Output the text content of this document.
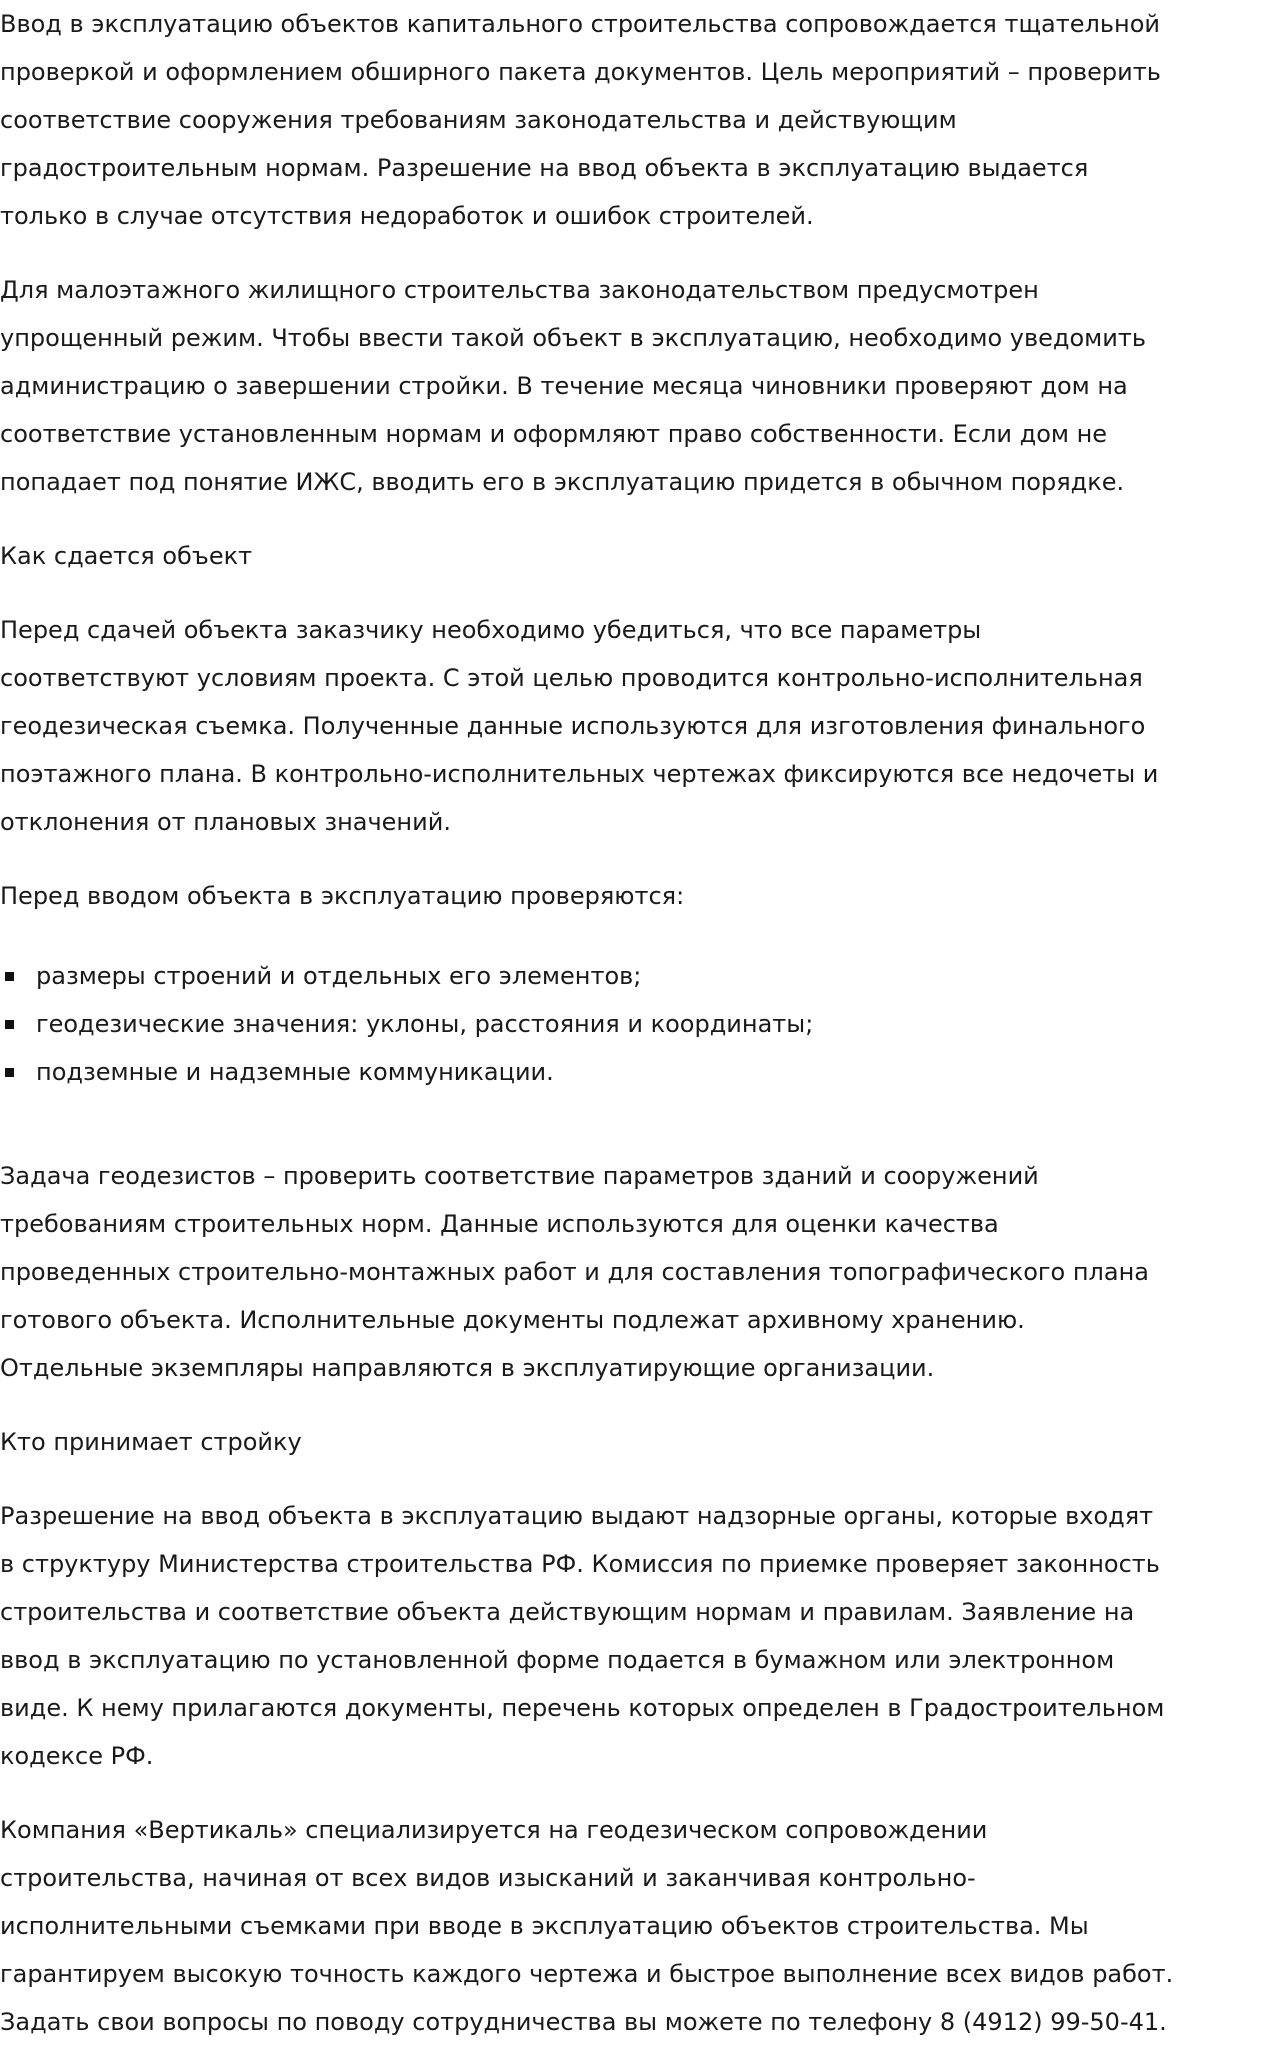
Ввод в эксплуатацию объектов капитального строительства сопровождается тщательной
проверкой и оформлением обширного пакета документов. Цель мероприятий – проверить
соответствие сооружения требованиям законодательства и действующим
градостроительным нормам. Разрешение на ввод объекта в эксплуатацию выдается
только в случае отсутствия недоработок и ошибок строителей.

Для малоэтажного жилищного строительства законодательством предусмотрен
упрощенный режим. Чтобы ввести такой объект в эксплуатацию, необходимо уведомить
администрацию о завершении стройки. В течение месяца чиновники проверяют дом на
соответствие установленным нормам и оформляют право собственности. Если дом не
попадает под понятие ИЖС, вводить его в эксплуатацию придется в обычном порядке.

Как сдается объект

Перед сдачей объекта заказчику необходимо убедиться, что все параметры
соответствуют условиям проекта. С этой целью проводится контрольно-исполнительная
геодезическая съемка. Полученные данные используются для изготовления финального
поэтажного плана. В контрольно-исполнительных чертежах фиксируются все недочеты и
отклонения от плановых значений.

Перед вводом объекта в эксплуатацию проверяются:

размеры строений и отдельных его элементов;
геодезические значения: уклоны, расстояния и координаты;
подземные и надземные коммуникации.

Задача геодезистов – проверить соответствие параметров зданий и сооружений
требованиям строительных норм. Данные используются для оценки качества
проведенных строительно-монтажных работ и для составления топографического плана
готового объекта. Исполнительные документы подлежат архивному хранению.
Отдельные экземпляры направляются в эксплуатирующие организации.

Кто принимает стройку

Разрешение на ввод объекта в эксплуатацию выдают надзорные органы, которые входят
в структуру Министерства строительства РФ. Комиссия по приемке проверяет законность
строительства и соответствие объекта действующим нормам и правилам. Заявление на
ввод в эксплуатацию по установленной форме подается в бумажном или электронном
виде. К нему прилагаются документы, перечень которых определен в Градостроительном
кодексе РФ.

Компания «Вертикаль» специализируется на геодезическом сопровождении
строительства, начиная от всех видов изысканий и заканчивая контрольно-
исполнительными съемками при вводе в эксплуатацию объектов строительства. Мы
гарантируем высокую точность каждого чертежа и быстрое выполнение всех видов работ.
Задать свои вопросы по поводу сотрудничества вы можете по телефону 8 (4912) 99-50-41.
